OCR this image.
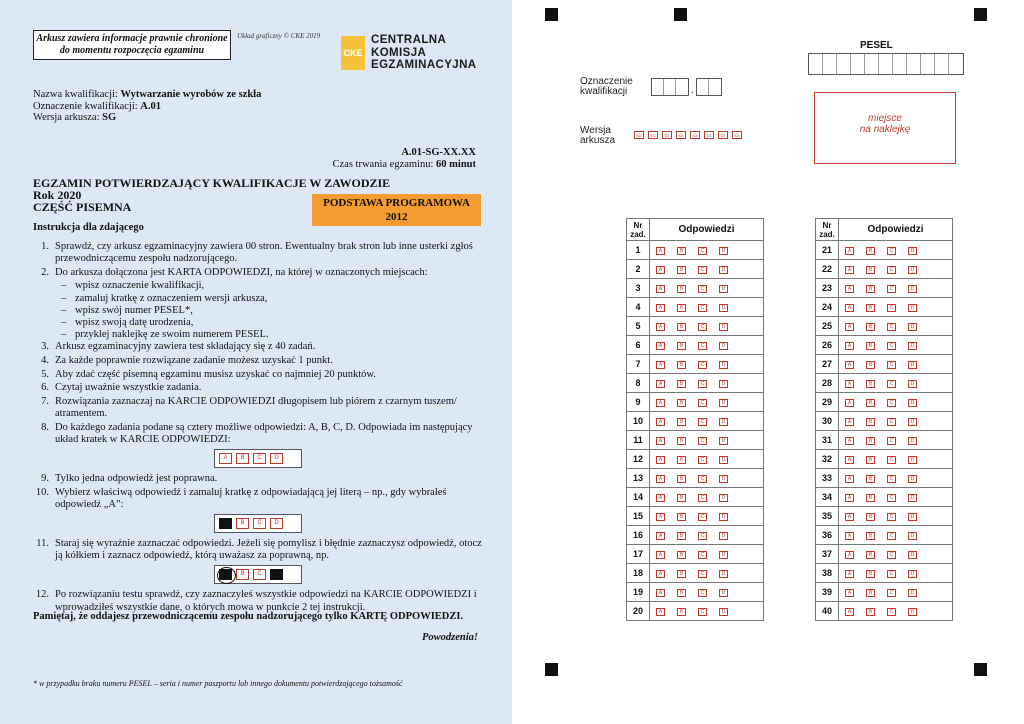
Arkusz zawiera informacje prawnie chronione do momentu rozpoczęcia egzaminu
Układ graficzny © CKE 2019
CKE
CENTRALNA
KOMISJA
EGZAMINACYJNA
Nazwa kwalifikacji: Wytwarzanie wyrobów ze szkła
Oznaczenie kwalifikacji: A.01
Wersja arkusza: SG
A.01-SG-XX.XX
Czas trwania egzaminu: 60 minut
EGZAMIN POTWIERDZAJĄCY KWALIFIKACJE W ZAWODZIE
Rok 2020
CZĘŚĆ PISEMNA	PODSTAWA PROGRAMOWA
2012
Instrukcja dla zdającego
1. Sprawdź, czy arkusz egzaminacyjny zawiera 00 stron. Ewentualny brak stron lub inne usterki zgłoś przewodniczącemu zespołu nadzorującego.
2. Do arkusza dołączona jest KARTA ODPOWIEDZI, na której w oznaczonych miejscach:
– wpisz oznaczenie kwalifikacji,
– zamaluj kratkę z oznaczeniem wersji arkusza,
– wpisz swój numer PESEL*,
– wpisz swoją datę urodzenia,
– przyklej naklejkę ze swoim numerem PESEL.
3. Arkusz egzaminacyjny zawiera test składający się z 40 zadań.
4. Za każde poprawnie rozwiązane zadanie możesz uzyskać 1 punkt.
5. Aby zdać część pisemną egzaminu musisz uzyskać co najmniej 20 punktów.
6. Czytaj uważnie wszystkie zadania.
7. Rozwiązania zaznaczaj na KARCIE ODPOWIEDZI długopisem lub piórem z czarnym tuszem/ atramentem.
8. Do każdego zadania podane są cztery możliwe odpowiedzi: A, B, C, D. Odpowiada im następujący układ kratek w KARCIE ODPOWIEDZI:
A	B	C	D
9. Tylko jedna odpowiedź jest poprawna.
10. Wybierz właściwą odpowiedź i zamaluj kratkę z odpowiadającą jej literą – np., gdy wybrałeś odpowiedź „A”:
B	C	D
11. Staraj się wyraźnie zaznaczać odpowiedzi. Jeżeli się pomylisz i błędnie zaznaczysz odpowiedź, otocz ją kółkiem i zaznacz odpowiedź, którą uważasz za poprawną, np.
B	C
12. Po rozwiązaniu testu sprawdź, czy zaznaczyłeś wszystkie odpowiedzi na KARCIE ODPOWIEDZI i wprowadziłeś wszystkie dane, o których mowa w punkcie 2 tej instrukcji.
Pamiętaj, że oddajesz przewodniczącemu zespołu nadzorującego tylko KARTĘ ODPOWIEDZI.
Powodzenia!
* w przypadku braku numeru PESEL – seria i numer paszportu lub innego dokumentu potwierdzającego tożsamość
PESEL
Oznaczenie
kwalifikacji	.
Wersja
arkusza	SG	XG	XX	XX	XX	XX	XX	XX
miejsce
na naklejkę
Nr
zad.	Odpowiedzi
1	A B C D
2	A B C D
3	A B C D
4	A B C D
5	A B C D
6	A B C D
7	A B C D
8	A B C D
9	A B C D
10	A B C D
11	A B C D
12	A B C D
13	A B C D
14	A B C D
15	A B C D
16	A B C D
17	A B C D
18	A B C D
19	A B C D
20	A B C D
Nr
zad.	Odpowiedzi
21	A B C D
22	A B C D
23	A B C D
24	A B C D
25	A B C D
26	A B C D
27	A B C D
28	A B C D
29	A B C D
30	A B C D
31	A B C D
32	A B C D
33	A B C D
34	A B C D
35	A B C D
36	A B C D
37	A B C D
38	A B C D
39	A B C D
40	A B C D
